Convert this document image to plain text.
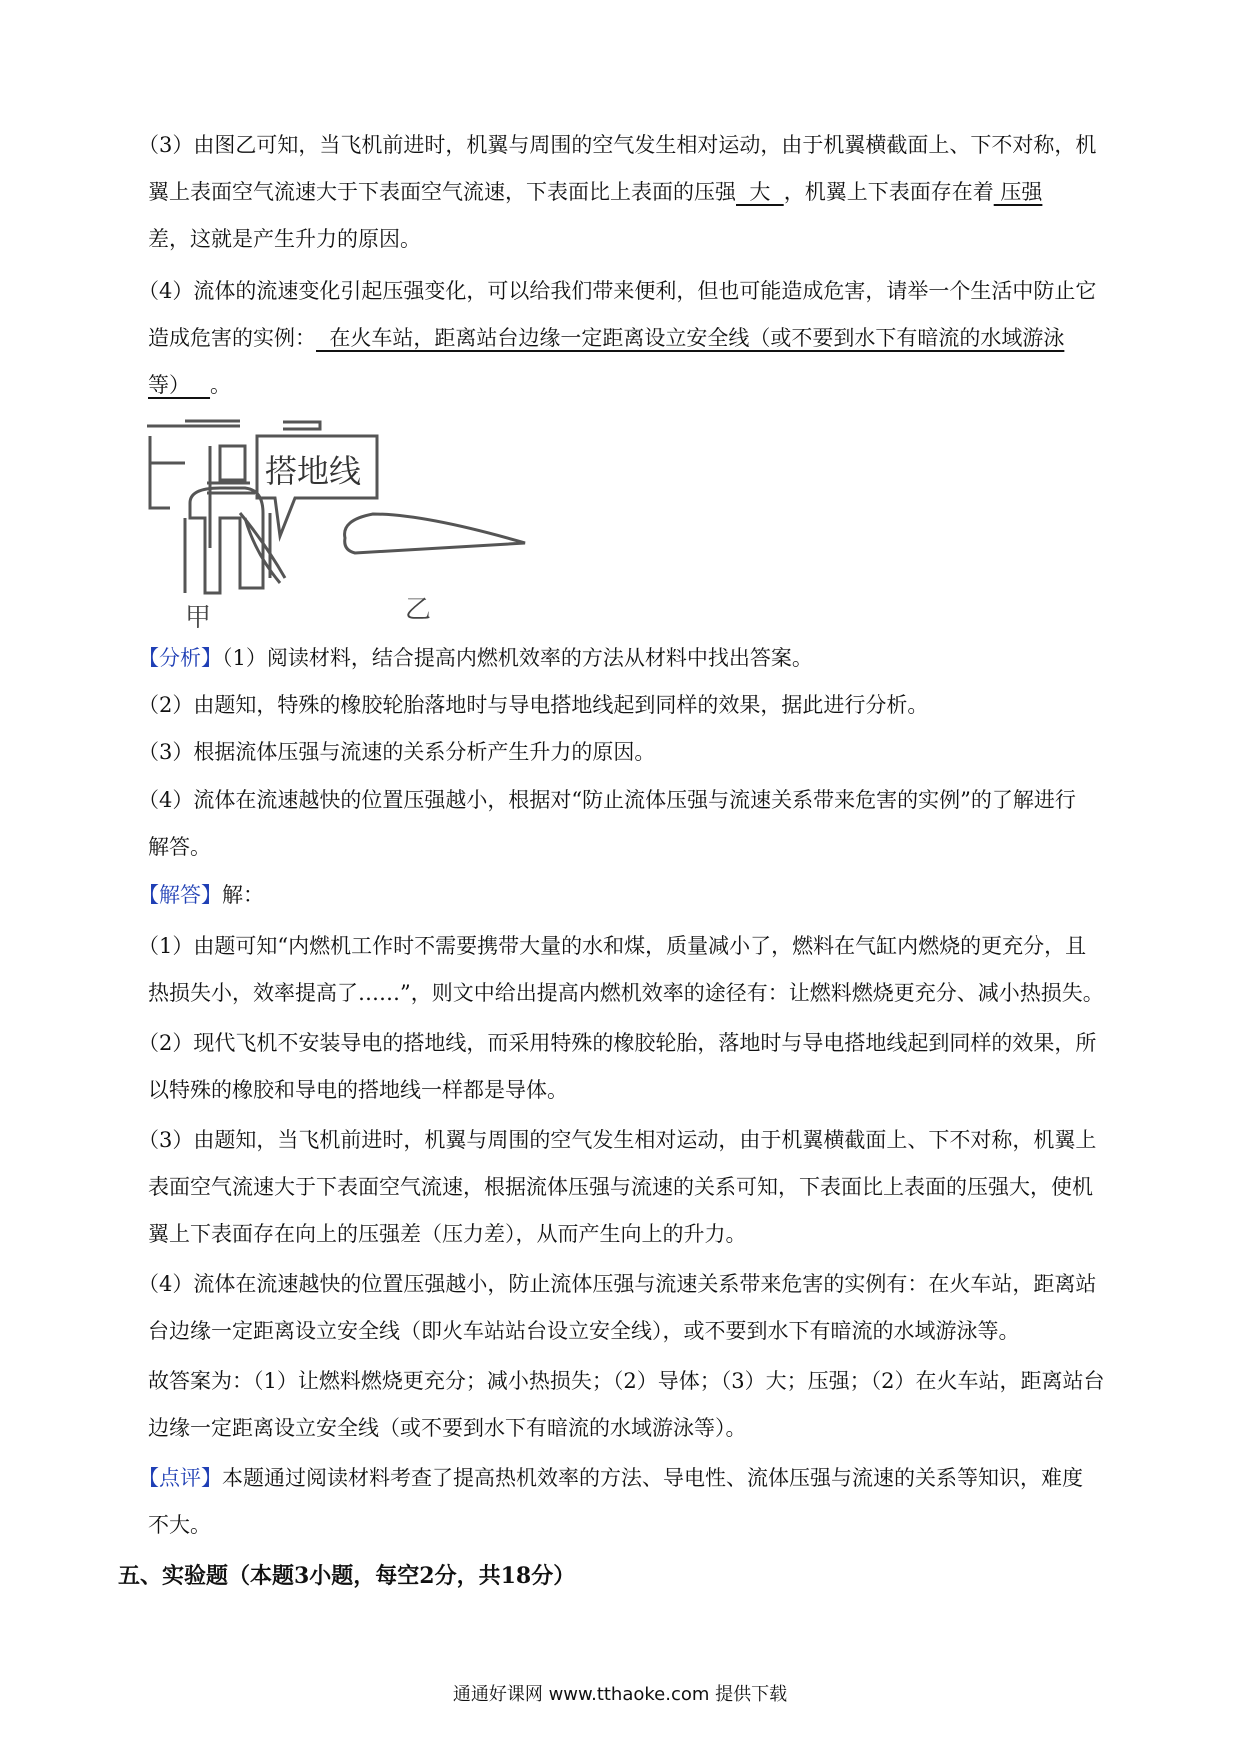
（3）由图乙可知，当飞机前进时，机翼与周围的空气发生相对运动，由于机翼横截面上、下不对称，机
翼上表面空气流速大于下表面空气流速，下表面比上表面的压强  大  ，机翼上下表面存在着 压强
差，这就是产生升力的原因。
（4）流体的流速变化引起压强变化，可以给我们带来便利，但也可能造成危害，请举一个生活中防止它
造成危害的实例：  在火车站，距离站台边缘一定距离设立安全线（或不要到水下有暗流的水域游泳
等）   。
搭地线
甲	乙
【分析】（1）阅读材料，结合提高内燃机效率的方法从材料中找出答案。
（2）由题知，特殊的橡胶轮胎落地时与导电搭地线起到同样的效果，据此进行分析。
（3）根据流体压强与流速的关系分析产生升力的原因。
（4）流体在流速越快的位置压强越小，根据对“防止流体压强与流速关系带来危害的实例”的了解进行
解答。
【解答】解：
（1）由题可知“内燃机工作时不需要携带大量的水和煤，质量减小了，燃料在气缸内燃烧的更充分，且
热损失小，效率提高了……”，则文中给出提高内燃机效率的途径有：让燃料燃烧更充分、减小热损失。
（2）现代飞机不安装导电的搭地线，而采用特殊的橡胶轮胎，落地时与导电搭地线起到同样的效果，所
以特殊的橡胶和导电的搭地线一样都是导体。
（3）由题知，当飞机前进时，机翼与周围的空气发生相对运动，由于机翼横截面上、下不对称，机翼上
表面空气流速大于下表面空气流速，根据流体压强与流速的关系可知，下表面比上表面的压强大，使机
翼上下表面存在向上的压强差（压力差），从而产生向上的升力。
（4）流体在流速越快的位置压强越小，防止流体压强与流速关系带来危害的实例有：在火车站，距离站
台边缘一定距离设立安全线（即火车站站台设立安全线），或不要到水下有暗流的水域游泳等。
故答案为：（1）让燃料燃烧更充分；减小热损失；（2）导体；（3）大；压强；（2）在火车站，距离站台
边缘一定距离设立安全线（或不要到水下有暗流的水域游泳等）。
【点评】本题通过阅读材料考查了提高热机效率的方法、导电性、流体压强与流速的关系等知识，难度
不大。
五、实验题（本题3小题，每空2分，共18分）
通通好课网 www.tthaoke.com 提供下载
